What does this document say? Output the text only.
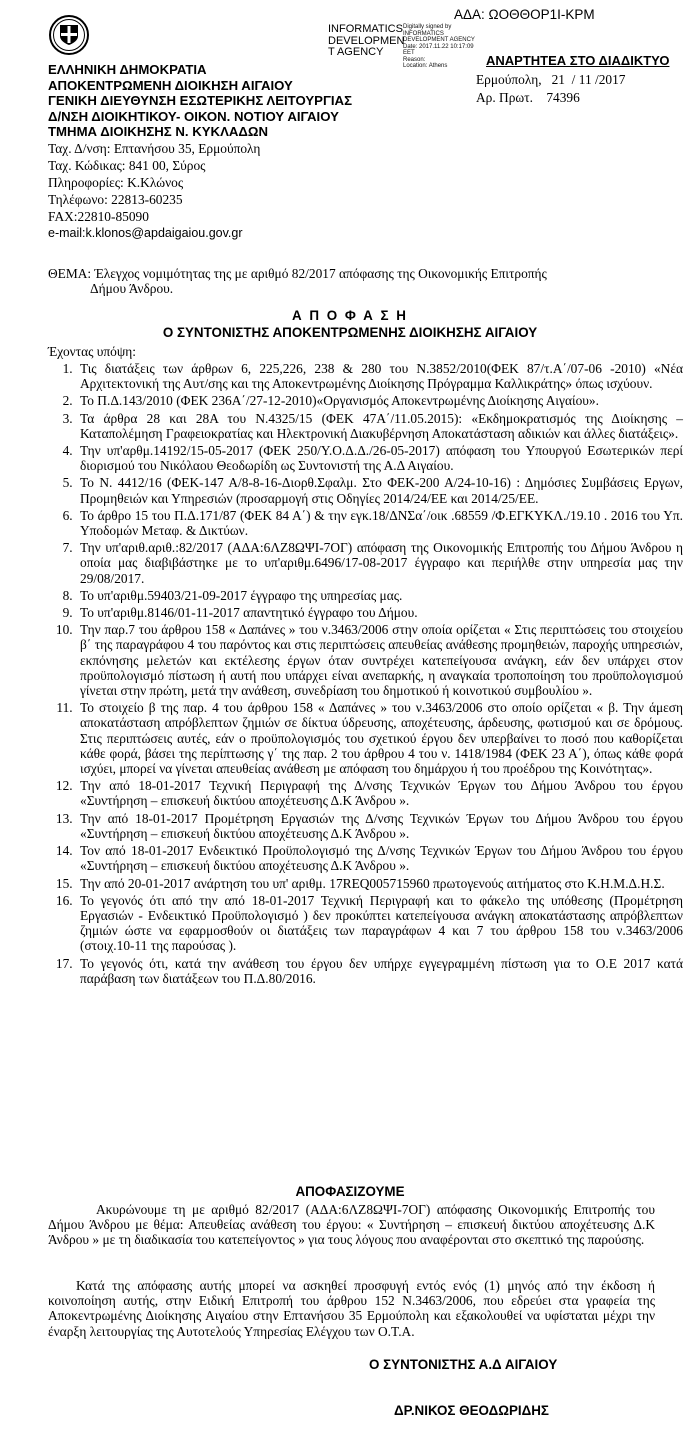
ΑΔΑ: ΩΟΘΘΟΡ1Ι-ΚΡΜ
INFORMATICS
DEVELOPMEN
T AGENCY
Digitally signed by
INFORMATICS
DEVELOPMENT AGENCY
Date: 2017.11.22 10:17:09
EET
Reason:
Location: Athens	ΑΝΑΡΤΗΤΕΑ ΣΤΟ ΔΙΑΔΙΚΤΥΟ
ΕΛΛΗΝΙΚΗ ΔΗΜΟΚΡΑΤΙΑ
ΑΠΟΚΕΝΤΡΩΜΕΝΗ ΔΙΟΙΚΗΣΗ ΑΙΓΑΙΟΥ
ΓΕΝΙΚΗ ΔΙΕΥΘΥΝΣΗ ΕΣΩΤΕΡΙΚΗΣ ΛΕΙΤΟΥΡΓΙΑΣ
Δ/ΝΣΗ ΔΙΟΙΚΗΤΙΚΟΥ- ΟΙΚΟΝ. ΝΟΤΙΟΥ ΑΙΓΑΙΟΥ
ΤΜΗΜΑ ΔΙΟΙΚΗΣΗΣ Ν. ΚΥΚΛΑΔΩΝ
Ερμούπολη,   21  / 11 /2017
Αρ. Πρωτ.    74396
Ταχ. Δ/νση: Επτανήσου 35, Ερμούπολη
Ταχ. Κώδικας: 841 00, Σύρος
Πληροφορίες: Κ.Κλώνος
Τηλέφωνο: 22813-60235
FAX:22810-85090
e-mail:k.klonos@apdaigaiou.gov.gr
ΘΕΜΑ: Έλεγχος νομιμότητας της με αριθμό 82/2017 απόφασης της Οικονομικής Επιτροπής
Δήμου Άνδρου.
Α Π Ο Φ Α Σ Η
Ο ΣΥΝΤΟΝΙΣΤΗΣ ΑΠΟΚΕΝΤΡΩΜΕΝΗΣ ΔΙΟΙΚΗΣΗΣ ΑΙΓΑΙΟΥ
Έχοντας υπόψη:
1. Τις διατάξεις των άρθρων 6, 225,226, 238 & 280 του Ν.3852/2010(ΦΕΚ 87/τ.Α΄/07-06 -2010) «Νέα Αρχιτεκτονική της Αυτ/σης και της Αποκεντρωμένης Διοίκησης Πρόγραμμα Καλλικράτης» όπως ισχύουν.
2. Το Π.Δ.143/2010 (ΦΕΚ 236Α΄/27-12-2010)«Οργανισμός Αποκεντρωμένης Διοίκησης Αιγαίου».
3. Τα άρθρα 28 και 28Α του Ν.4325/15 (ΦΕΚ 47Α΄/11.05.2015): «Εκδημοκρατισμός της Διοίκησης – Καταπολέμηση Γραφειοκρατίας και Ηλεκτρονική Διακυβέρνηση Αποκατάσταση αδικιών και άλλες διατάξεις».
4. Την υπ'αρθμ.14192/15-05-2017 (ΦΕΚ 250/Υ.Ο.Δ.Δ./26-05-2017) απόφαση του Υπουργού Εσωτερικών περί διορισμού του Νικόλαου Θεοδωρίδη ως Συντονιστή της Α.Δ Αιγαίου.
5. Το Ν. 4412/16 (ΦΕΚ-147 Α/8-8-16-Διορθ.Σφαλμ. Στο ΦΕΚ-200 Α/24-10-16) : Δημόσιες Συμβάσεις Εργων, Προμηθειών και Υπηρεσιών (προσαρμογή στις Οδηγίες 2014/24/ΕΕ και 2014/25/ΕΕ.
6. Το άρθρο 15 του Π.Δ.171/87 (ΦΕΚ 84 Α΄) & την εγκ.18/ΔΝΣα΄/οικ .68559 /Φ.ΕΓΚΥΚΛ./19.10 . 2016 του Υπ. Υποδομών Μεταφ. & Δικτύων.
7. Την υπ'αριθ.αριθ.:82/2017 (ΑΔΑ:6ΛΖ8ΩΨΙ-7ΟΓ) απόφαση της Οικονομικής Επιτροπής του Δήμου Άνδρου η οποία μας διαβιβάστηκε με το υπ'αριθμ.6496/17-08-2017 έγγραφο και περιήλθε στην υπηρεσία μας την 29/08/2017.
8. Το υπ'αριθμ.59403/21-09-2017 έγγραφο της υπηρεσίας μας.
9. Το υπ'αριθμ.8146/01-11-2017 απαντητικό έγγραφο του Δήμου.
10. Την παρ.7 του άρθρου 158 « Δαπάνες » του ν.3463/2006 στην οποία ορίζεται « Στις περιπτώσεις του στοιχείου β΄ της παραγράφου 4 του παρόντος και στις περιπτώσεις απευθείας ανάθεσης προμηθειών, παροχής υπηρεσιών, εκπόνησης μελετών και εκτέλεσης έργων όταν συντρέχει κατεπείγουσα ανάγκη, εάν δεν υπάρχει στον προϋπολογισμό πίστωση ή αυτή που υπάρχει είναι ανεπαρκής, η αναγκαία τροποποίηση του προϋπολογισμού γίνεται στην πρώτη, μετά την ανάθεση, συνεδρίαση του δημοτικού ή κοινοτικού συμβουλίου ».
11. Το στοιχείο β της παρ. 4 του άρθρου 158 « Δαπάνες » του ν.3463/2006 στο οποίο ορίζεται « β. Την άμεση αποκατάσταση απρόβλεπτων ζημιών σε δίκτυα ύδρευσης, αποχέτευσης, άρδευσης, φωτισμού και σε δρόμους. Στις περιπτώσεις αυτές, εάν ο προϋπολογισμός του σχετικού έργου δεν υπερβαίνει το ποσό που καθορίζεται κάθε φορά, βάσει της περίπτωσης γ΄ της παρ. 2 του άρθρου 4 του ν. 1418/1984 (ΦΕΚ 23 Α΄), όπως κάθε φορά ισχύει, μπορεί να γίνεται απευθείας ανάθεση με απόφαση του δημάρχου ή του προέδρου της Κοινότητας».
12. Την από 18-01-2017 Τεχνική Περιγραφή της Δ/νσης Τεχνικών Έργων του Δήμου Άνδρου του έργου «Συντήρηση – επισκευή δικτύου αποχέτευσης Δ.Κ Άνδρου ».
13. Την από 18-01-2017 Προμέτρηση Εργασιών της Δ/νσης Τεχνικών Έργων του Δήμου Άνδρου του έργου «Συντήρηση – επισκευή δικτύου αποχέτευσης Δ.Κ Άνδρου ».
14. Τον από 18-01-2017 Ενδεικτικό Προϋπολογισμό της Δ/νσης Τεχνικών Έργων του Δήμου Άνδρου του έργου «Συντήρηση – επισκευή δικτύου αποχέτευσης Δ.Κ Άνδρου ».
15. Την από 20-01-2017 ανάρτηση του υπ' αριθμ. 17REQ005715960 πρωτογενούς αιτήματος στο Κ.Η.Μ.Δ.Η.Σ.
16. Το γεγονός ότι από την από 18-01-2017 Τεχνική Περιγραφή και το φάκελο της υπόθεσης (Προμέτρηση Εργασιών - Ενδεικτικό Προϋπολογισμό ) δεν προκύπτει κατεπείγουσα ανάγκη αποκατάστασης απρόβλεπτων ζημιών ώστε να εφαρμοσθούν οι διατάξεις των παραγράφων 4 και 7 του άρθρου 158 του ν.3463/2006 (στοιχ.10-11 της παρούσας ).
17. Το γεγονός ότι, κατά την ανάθεση του έργου δεν υπήρχε εγγεγραμμένη πίστωση για το Ο.Ε 2017 κατά παράβαση των διατάξεων του Π.Δ.80/2016.
ΑΠΟΦΑΣΙΖΟΥΜΕ
Ακυρώνουμε τη με αριθμό 82/2017 (ΑΔΑ:6ΛΖ8ΩΨΙ-7ΟΓ) απόφασης Οικονομικής Επιτροπής του Δήμου Άνδρου με θέμα: Απευθείας ανάθεση του έργου: « Συντήρηση – επισκευή δικτύου αποχέτευσης Δ.Κ Άνδρου » με τη διαδικασία του κατεπείγοντος » για τους λόγους που αναφέρονται στο σκεπτικό της παρούσης.
Κατά της απόφασης αυτής μπορεί να ασκηθεί προσφυγή εντός ενός (1) μηνός από την έκδοση ή κοινοποίηση αυτής, στην Ειδική Επιτροπή του άρθρου 152 Ν.3463/2006, που εδρεύει στα γραφεία της Αποκεντρωμένης Διοίκησης Αιγαίου στην Επτανήσου 35 Ερμούπολη και εξακολουθεί να υφίσταται μέχρι την έναρξη λειτουργίας της Αυτοτελούς Υπηρεσίας Ελέγχου των Ο.Τ.Α.
Ο ΣΥΝΤΟΝΙΣΤΗΣ Α.Δ ΑΙΓΑΙΟΥ
ΔΡ.ΝΙΚΟΣ ΘΕΟΔΩΡΙΔΗΣ
